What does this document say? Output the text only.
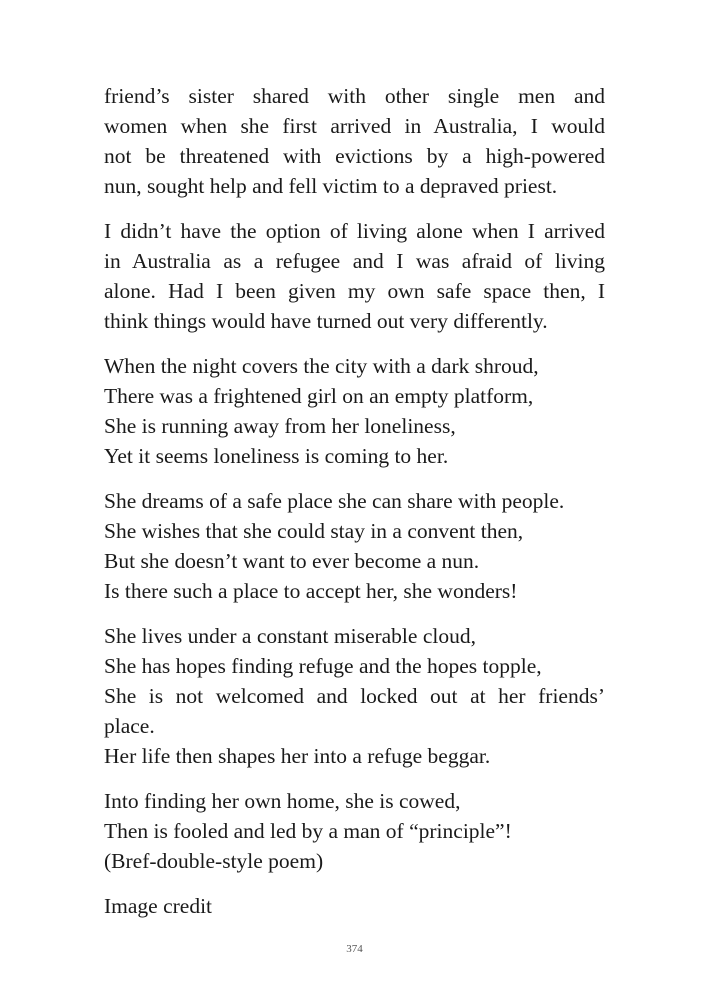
friend’s sister shared with other single men and

women when she first arrived in Australia, I would

not be threatened with evictions by a high-powered

nun, sought help and fell victim to a depraved priest.

I didn’t have the option of living alone when I arrived

in Australia as a refugee and I was afraid of living

alone. Had I been given my own safe space then, I

think things would have turned out very differently.

When the night covers the city with a dark shroud,
There was a frightened girl on an empty platform,
She is running away from her loneliness,
Yet it seems loneliness is coming to her.
She dreams of a safe place she can share with people.
She wishes that she could stay in a convent then,
But she doesn’t want to ever become a nun.
Is there such a place to accept her, she wonders!
She lives under a constant miserable cloud,
She has hopes finding refuge and the hopes topple,
She is not welcomed and locked out at her friends’
place.
Her life then shapes her into a refuge beggar.
Into finding her own home, she is cowed,
Then is fooled and led by a man of “principle”!
(Bref-double-style poem)

Image credit

374
